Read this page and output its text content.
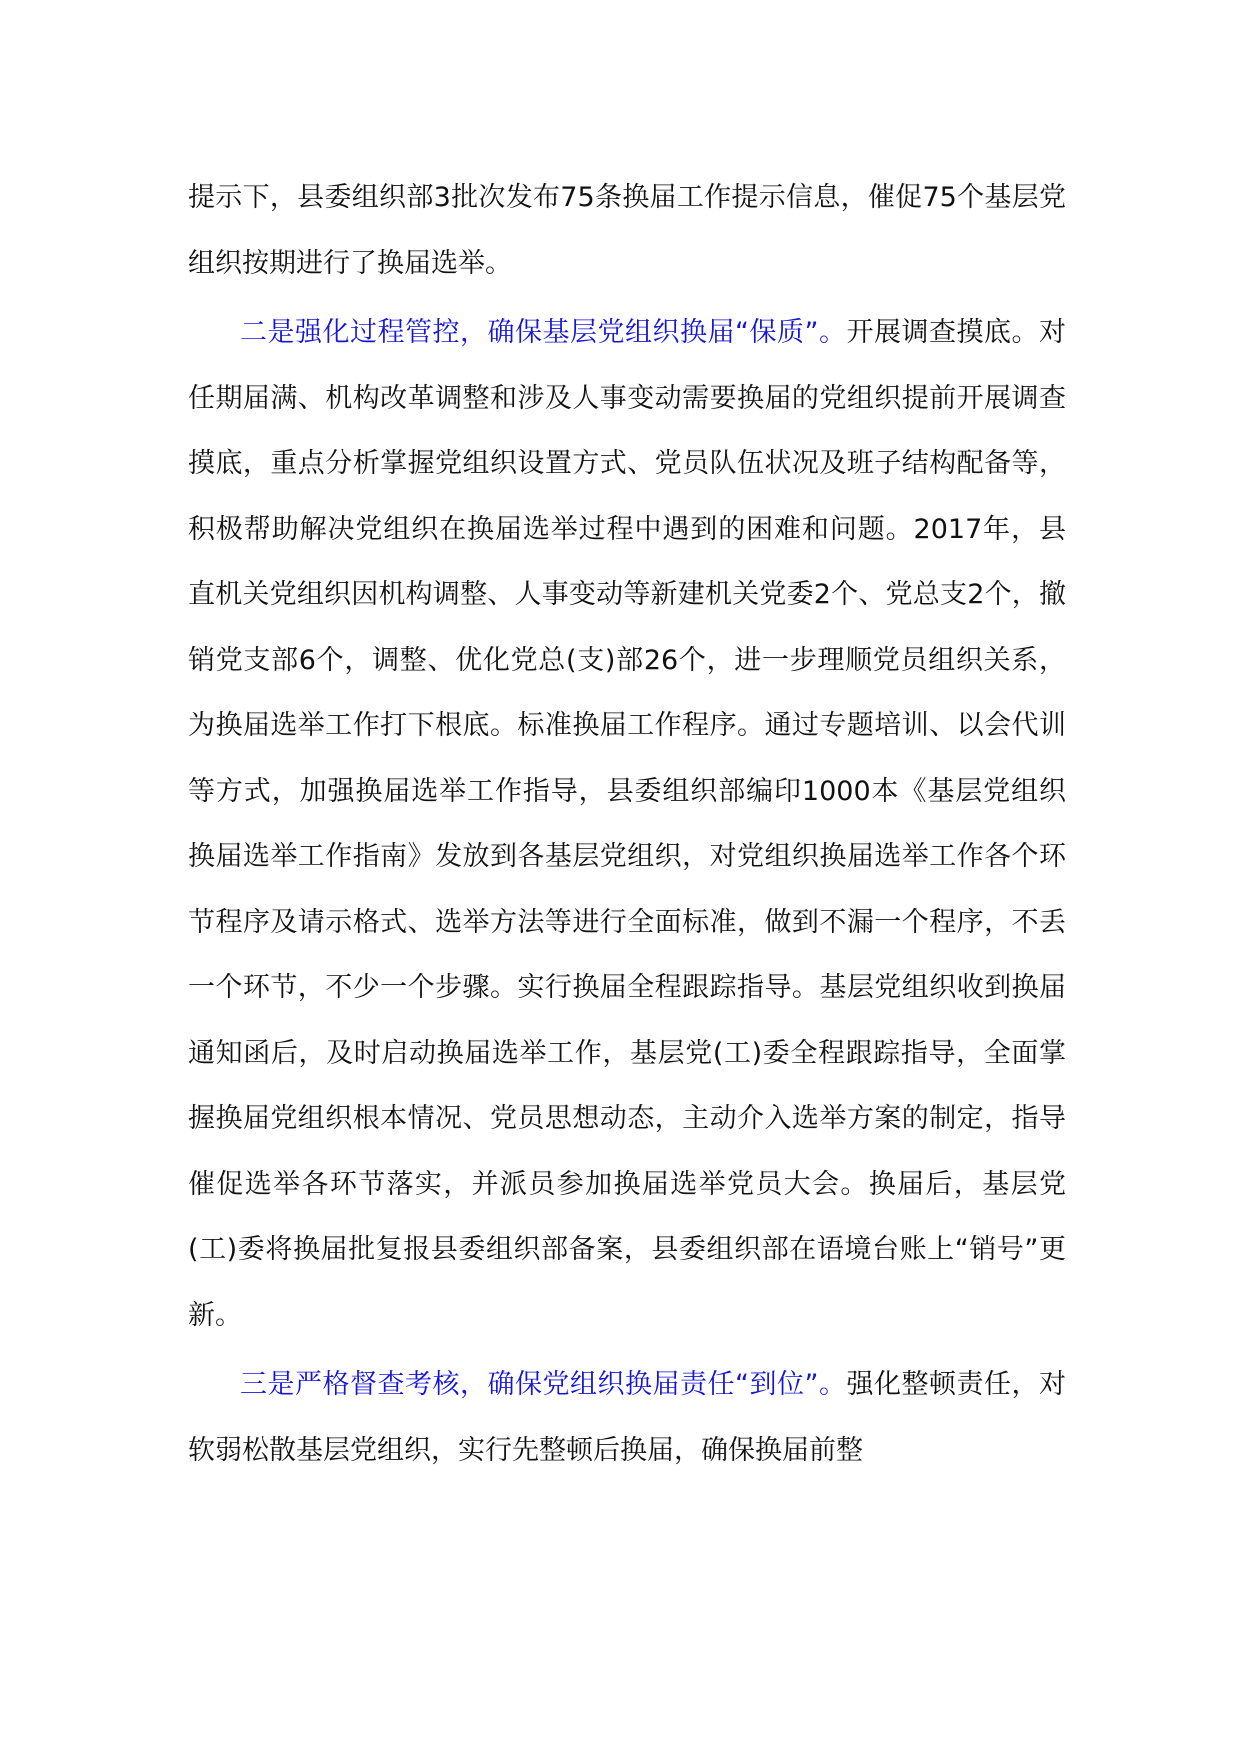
提示下，县委组织部3批次发布75条换届工作提示信息，催促75个基层党组织按期进行了换届选举。

二是强化过程管控，确保基层党组织换届“保质”。开展调查摸底。对任期届满、机构改革调整和涉及人事变动需要换届的党组织提前开展调查摸底，重点分析掌握党组织设置方式、党员队伍状况及班子结构配备等，积极帮助解决党组织在换届选举过程中遇到的困难和问题。2017年，县直机关党组织因机构调整、人事变动等新建机关党委2个、党总支2个，撤销党支部6个，调整、优化党总(支)部26个，进一步理顺党员组织关系，为换届选举工作打下根底。标准换届工作程序。通过专题培训、以会代训等方式，加强换届选举工作指导，县委组织部编印1000本《基层党组织换届选举工作指南》发放到各基层党组织，对党组织换届选举工作各个环节程序及请示格式、选举方法等进行全面标准，做到不漏一个程序，不丢一个环节，不少一个步骤。实行换届全程跟踪指导。基层党组织收到换届通知函后，及时启动换届选举工作，基层党(工)委全程跟踪指导，全面掌握换届党组织根本情况、党员思想动态，主动介入选举方案的制定，指导催促选举各环节落实，并派员参加换届选举党员大会。换届后，基层党(工)委将换届批复报县委组织部备案，县委组织部在语境台账上“销号”更新。

三是严格督查考核，确保党组织换届责任“到位”。强化整顿责任，对软弱松散基层党组织，实行先整顿后换届，确保换届前整
